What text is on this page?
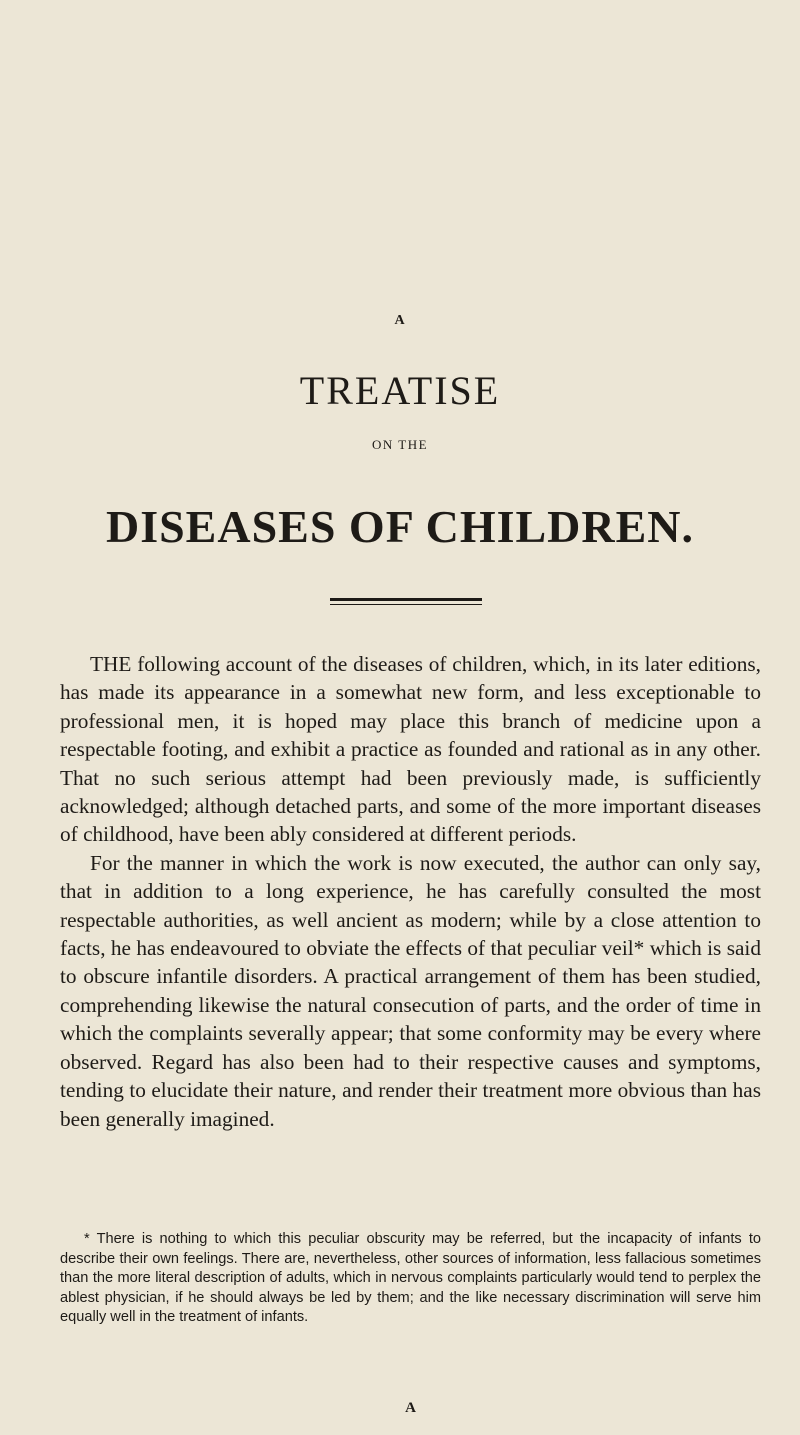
A
TREATISE
ON THE
DISEASES OF CHILDREN.

THE following account of the diseases of children, which, in its later editions, has made its appearance in a somewhat new form, and less exceptionable to professional men, it is hoped may place this branch of medicine upon a respectable footing, and exhibit a practice as founded and rational as in any other. That no such serious attempt had been previously made, is sufficiently acknowledged; although detached parts, and some of the more important diseases of childhood, have been ably considered at different periods.

For the manner in which the work is now executed, the author can only say, that in addition to a long experience, he has carefully consulted the most respectable authorities, as well ancient as modern; while by a close attention to facts, he has endeavoured to obviate the effects of that peculiar veil* which is said to obscure infantile disorders. A practical arrangement of them has been studied, comprehending likewise the natural consecution of parts, and the order of time in which the complaints severally appear; that some conformity may be every where observed. Regard has also been had to their respective causes and symptoms, tending to elucidate their nature, and render their treatment more obvious than has been generally imagined.

* There is nothing to which this peculiar obscurity may be referred, but the incapacity of infants to describe their own feelings. There are, nevertheless, other sources of information, less fallacious sometimes than the more literal description of adults, which in nervous complaints particularly would tend to perplex the ablest physician, if he should always be led by them; and the like necessary discrimination will serve him equally well in the treatment of infants.

A
